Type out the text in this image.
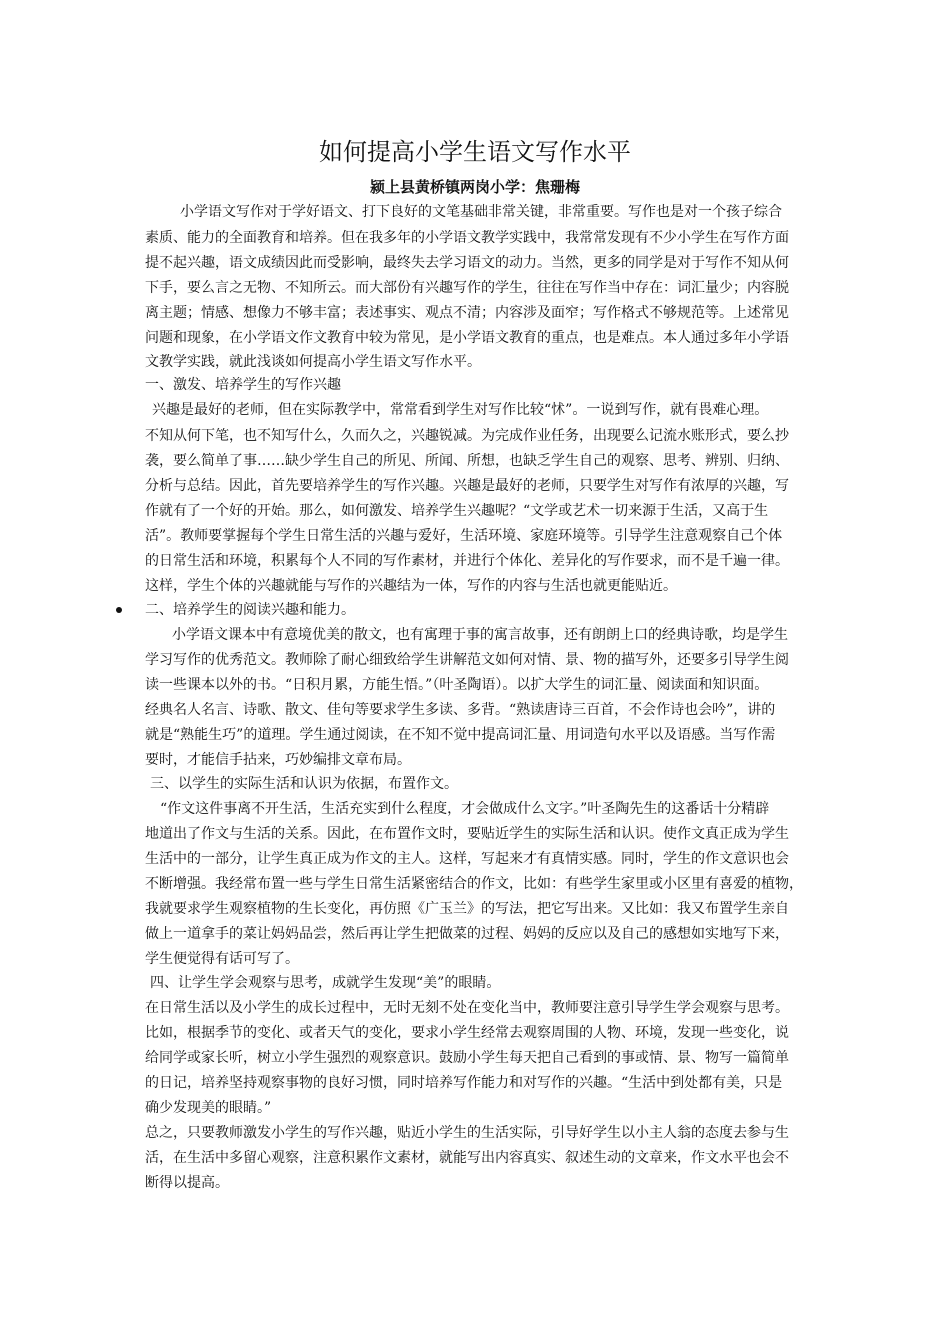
如何提高小学生语文写作水平
颍上县黄桥镇两岗小学：焦珊梅
小学语文写作对于学好语文、打下良好的文笔基础非常关键，非常重要。写作也是对一个孩子综合
素质、能力的全面教育和培养。但在我多年的小学语文教学实践中，我常常发现有不少小学生在写作方面
提不起兴趣，语文成绩因此而受影响，最终失去学习语文的动力。当然，更多的同学是对于写作不知从何
下手，要么言之无物、不知所云。而大部份有兴趣写作的学生，往往在写作当中存在：词汇量少；内容脱
离主题；情感、想像力不够丰富；表述事实、观点不清；内容涉及面窄；写作格式不够规范等。上述常见
问题和现象，在小学语文作文教育中较为常见，是小学语文教育的重点，也是难点。本人通过多年小学语
文教学实践，就此浅谈如何提高小学生语文写作水平。
一、激发、培养学生的写作兴趣
兴趣是最好的老师，但在实际教学中，常常看到学生对写作比较“怵”。一说到写作，就有畏难心理。
不知从何下笔，也不知写什么，久而久之，兴趣锐减。为完成作业任务，出现要么记流水账形式，要么抄
袭，要么简单了事……缺少学生自己的所见、所闻、所想，也缺乏学生自己的观察、思考、辨别、归纳、
分析与总结。因此，首先要培养学生的写作兴趣。兴趣是最好的老师，只要学生对写作有浓厚的兴趣，写
作就有了一个好的开始。那么，如何激发、培养学生兴趣呢？“文学或艺术一切来源于生活，又高于生
活”。教师要掌握每个学生日常生活的兴趣与爱好，生活环境、家庭环境等。引导学生注意观察自己个体
的日常生活和环境，积累每个人不同的写作素材，并进行个体化、差异化的写作要求，而不是千遍一律。
这样，学生个体的兴趣就能与写作的兴趣结为一体，写作的内容与生活也就更能贴近。
二、培养学生的阅读兴趣和能力。
小学语文课本中有意境优美的散文，也有寓理于事的寓言故事，还有朗朗上口的经典诗歌，均是学生
学习写作的优秀范文。教师除了耐心细致给学生讲解范文如何对情、景、物的描写外，还要多引导学生阅
读一些课本以外的书。“日积月累，方能生悟。”（叶圣陶语）。以扩大学生的词汇量、阅读面和知识面。
经典名人名言、诗歌、散文、佳句等要求学生多读、多背。“熟读唐诗三百首，不会作诗也会吟”，讲的
就是“熟能生巧”的道理。学生通过阅读，在不知不觉中提高词汇量、用词造句水平以及语感。当写作需
要时，才能信手拈来，巧妙编排文章布局。
三、以学生的实际生活和认识为依据，布置作文。
“作文这件事离不开生活，生活充实到什么程度，才会做成什么文字。”叶圣陶先生的这番话十分精辟
地道出了作文与生活的关系。因此，在布置作文时，要贴近学生的实际生活和认识。使作文真正成为学生
生活中的一部分，让学生真正成为作文的主人。这样，写起来才有真情实感。同时，学生的作文意识也会
不断增强。我经常布置一些与学生日常生活紧密结合的作文，比如：有些学生家里或小区里有喜爱的植物，
我就要求学生观察植物的生长变化，再仿照《广玉兰》的写法，把它写出来。又比如：我又布置学生亲自
做上一道拿手的菜让妈妈品尝，然后再让学生把做菜的过程、妈妈的反应以及自己的感想如实地写下来，
学生便觉得有话可写了。
四、让学生学会观察与思考，成就学生发现“美”的眼睛。
在日常生活以及小学生的成长过程中，无时无刻不处在变化当中，教师要注意引导学生学会观察与思考。
比如，根据季节的变化、或者天气的变化，要求小学生经常去观察周围的人物、环境，发现一些变化，说
给同学或家长听，树立小学生强烈的观察意识。鼓励小学生每天把自己看到的事或情、景、物写一篇简单
的日记，培养坚持观察事物的良好习惯，同时培养写作能力和对写作的兴趣。“生活中到处都有美，只是
确少发现美的眼睛。”
总之，只要教师激发小学生的写作兴趣，贴近小学生的生活实际，引导好学生以小主人翁的态度去参与生
活，在生活中多留心观察，注意积累作文素材，就能写出内容真实、叙述生动的文章来，作文水平也会不
断得以提高。
